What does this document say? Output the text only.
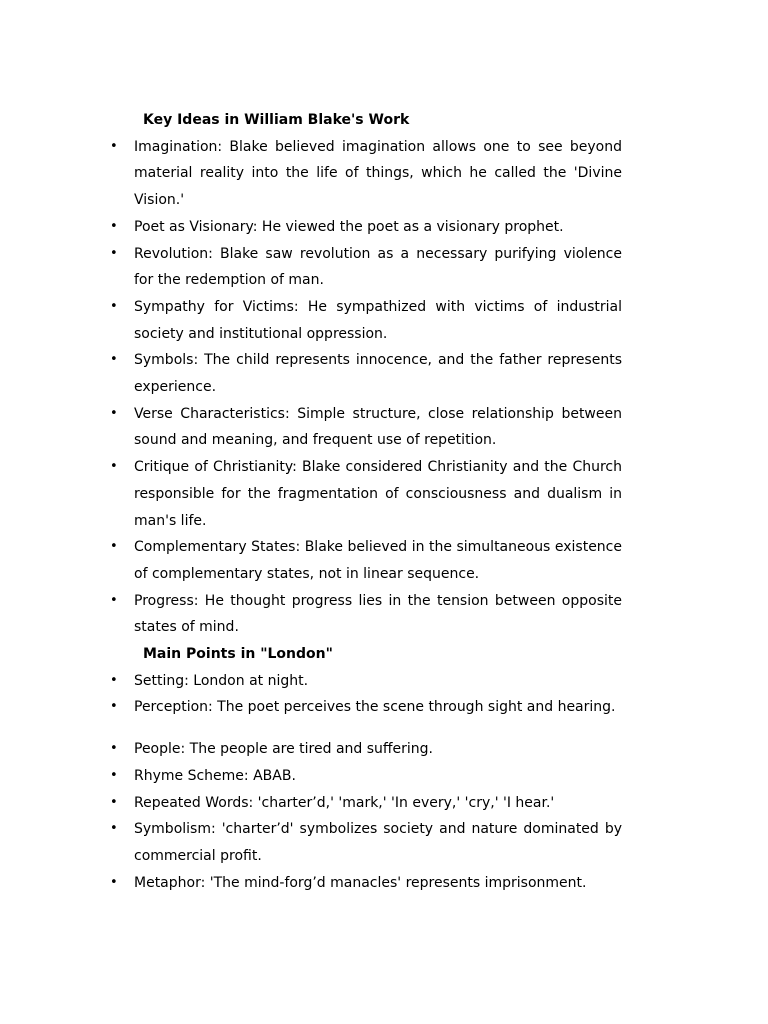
Key Ideas in William Blake's Work

• Imagination: Blake believed imagination allows one to see beyond material reality into the life of things, which he called the 'Divine Vision.'
• Poet as Visionary: He viewed the poet as a visionary prophet.
• Revolution: Blake saw revolution as a necessary purifying violence for the redemption of man.
• Sympathy for Victims: He sympathized with victims of industrial society and institutional oppression.
• Symbols: The child represents innocence, and the father represents experience.
• Verse Characteristics: Simple structure, close relationship between sound and meaning, and frequent use of repetition.
• Critique of Christianity: Blake considered Christianity and the Church responsible for the fragmentation of consciousness and dualism in man's life.
• Complementary States: Blake believed in the simultaneous existence of complementary states, not in linear sequence.
• Progress: He thought progress lies in the tension between opposite states of mind.

Main Points in "London"

• Setting: London at night.
• Perception: The poet perceives the scene through sight and hearing.
• People: The people are tired and suffering.
• Rhyme Scheme: ABAB.
• Repeated Words: 'charter’d,' 'mark,' 'In every,' 'cry,' 'I hear.'
• Symbolism: 'charter’d' symbolizes society and nature dominated by commercial profit.
• Metaphor: 'The mind-forg’d manacles' represents imprisonment.
